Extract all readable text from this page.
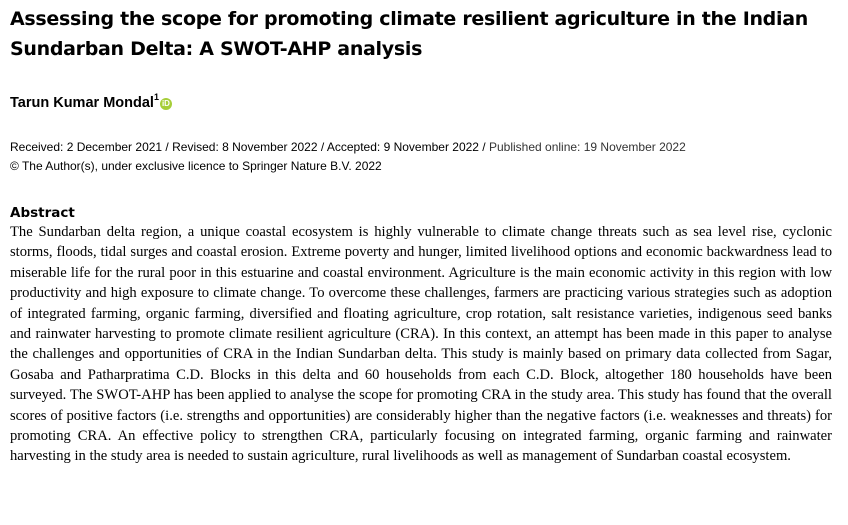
Assessing the scope for promoting climate resilient agriculture in the Indian Sundarban Delta: A SWOT-AHP analysis
Tarun Kumar Mondal$^1$iD
Received: 2 December 2021 / Revised: 8 November 2022 / Accepted: 9 November 2022 / Published online: 19 November 2022
© The Author(s), under exclusive licence to Springer Nature B.V. 2022
Abstract

The Sundarban delta region, a unique coastal ecosystem is highly vulnerable to climate change threats such as sea level rise, cyclonic storms, floods, tidal surges and coastal erosion. Extreme poverty and hunger, limited livelihood options and economic backwardness lead to miserable life for the rural poor in this estuarine and coastal environment. Agriculture is the main economic activity in this region with low productivity and high exposure to climate change. To overcome these challenges, farmers are practicing various strategies such as adoption of integrated farming, organic farming, diversified and floating agriculture, crop rotation, salt resistance varieties, indigenous seed banks and rainwater harvesting to promote climate resilient agriculture (CRA). In this context, an attempt has been made in this paper to analyse the challenges and opportunities of CRA in the Indian Sundarban delta. This study is mainly based on primary data collected from Sagar, Gosaba and Patharpratima C.D. Blocks in this delta and 60 households from each C.D. Block, altogether 180 households have been surveyed. The SWOT-AHP has been applied to analyse the scope for promoting CRA in the study area. This study has found that the overall scores of positive factors (i.e. strengths and opportunities) are considerably higher than the negative factors (i.e. weaknesses and threats) for promoting CRA. An effective policy to strengthen CRA, particularly focusing on integrated farming, organic farming and rainwater harvesting in the study area is needed to sustain agriculture, rural livelihoods as well as management of Sundarban coastal ecosystem.
